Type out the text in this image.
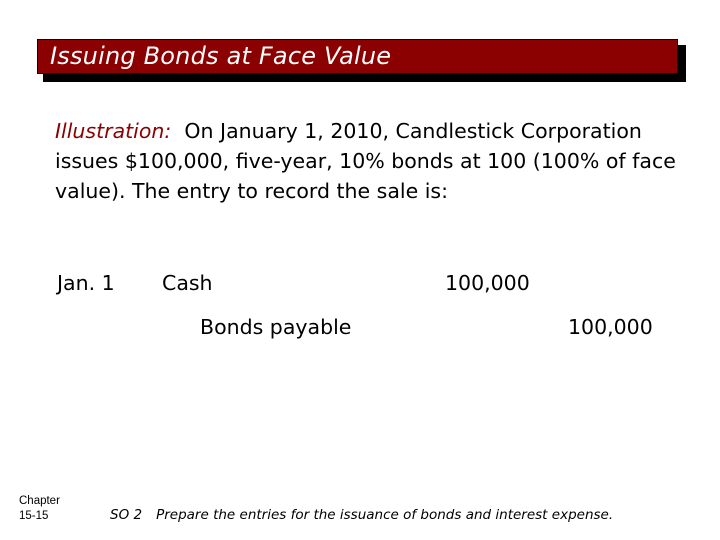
Issuing Bonds at Face Value
Illustration: On January 1, 2010, Candlestick Corporation issues $100,000, five-year, 10% bonds at 100 (100% of face value). The entry to record the sale is:
Jan. 1 Cash	100,000
Bonds payable	100,000
Chapter
15-15	SO 2 Prepare the entries for the issuance of bonds and interest expense.
